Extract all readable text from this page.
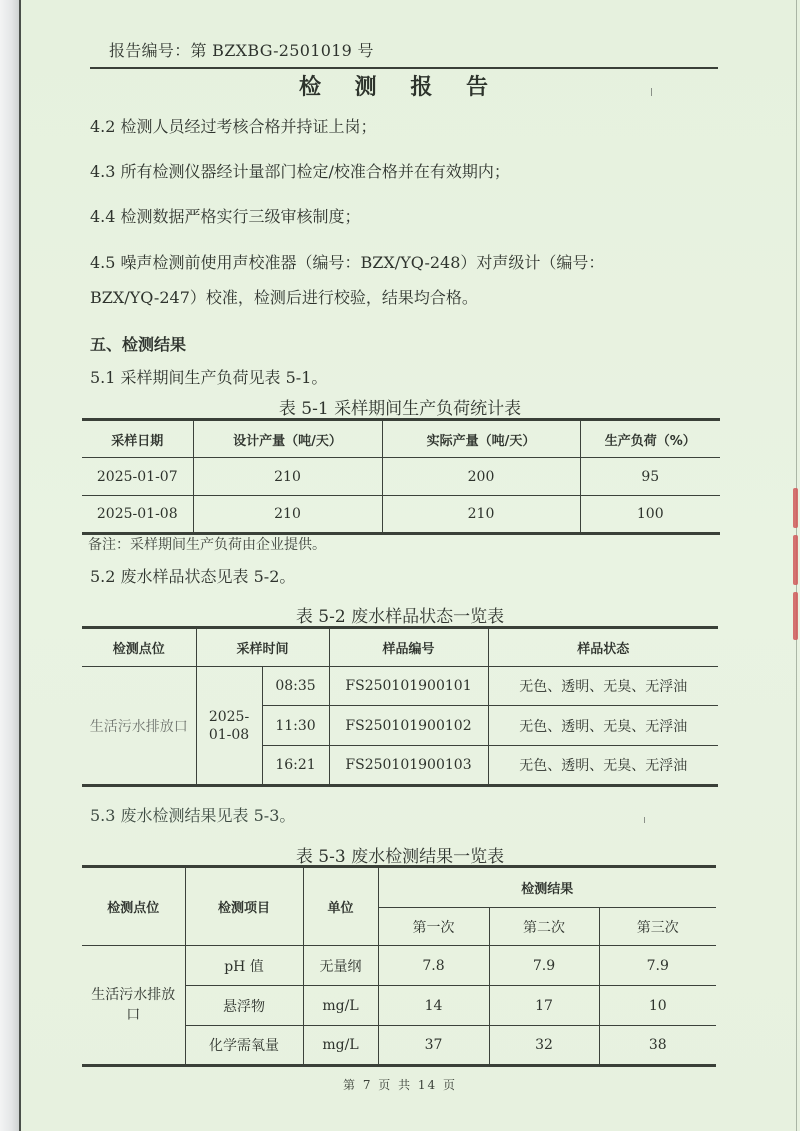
报告编号：第 BZXBG-2501019 号
检 测 报 告
4.2 检测人员经过考核合格并持证上岗；
4.3 所有检测仪器经计量部门检定/校准合格并在有效期内；
4.4 检测数据严格实行三级审核制度；
4.5 噪声检测前使用声校准器（编号：BZX/YQ-248）对声级计（编号：
BZX/YQ-247）校准，检测后进行校验，结果均合格。
五、检测结果
5.1 采样期间生产负荷见表 5-1。
表 5-1 采样期间生产负荷统计表
采样日期	设计产量（吨/天）	实际产量（吨/天）	生产负荷（%）
2025-01-07	210	200	95
2025-01-08	210	210	100
备注：采样期间生产负荷由企业提供。
5.2 废水样品状态见表 5-2。
表 5-2 废水样品状态一览表
检测点位	采样时间		样品编号	样品状态
生活污水排放口	2025-01-08	08:35	FS250101900101	无色、透明、无臭、无浮油
		11:30	FS250101900102	无色、透明、无臭、无浮油
		16:21	FS250101900103	无色、透明、无臭、无浮油
5.3 废水检测结果见表 5-3。
表 5-3 废水检测结果一览表
检测点位	检测项目	单位	检测结果		
			第一次	第二次	第三次
生活污水排放口	pH 值	无量纲	7.8	7.9	7.9
	悬浮物	mg/L	14	17	10
	化学需氧量	mg/L	37	32	38
第 7 页 共 14 页
